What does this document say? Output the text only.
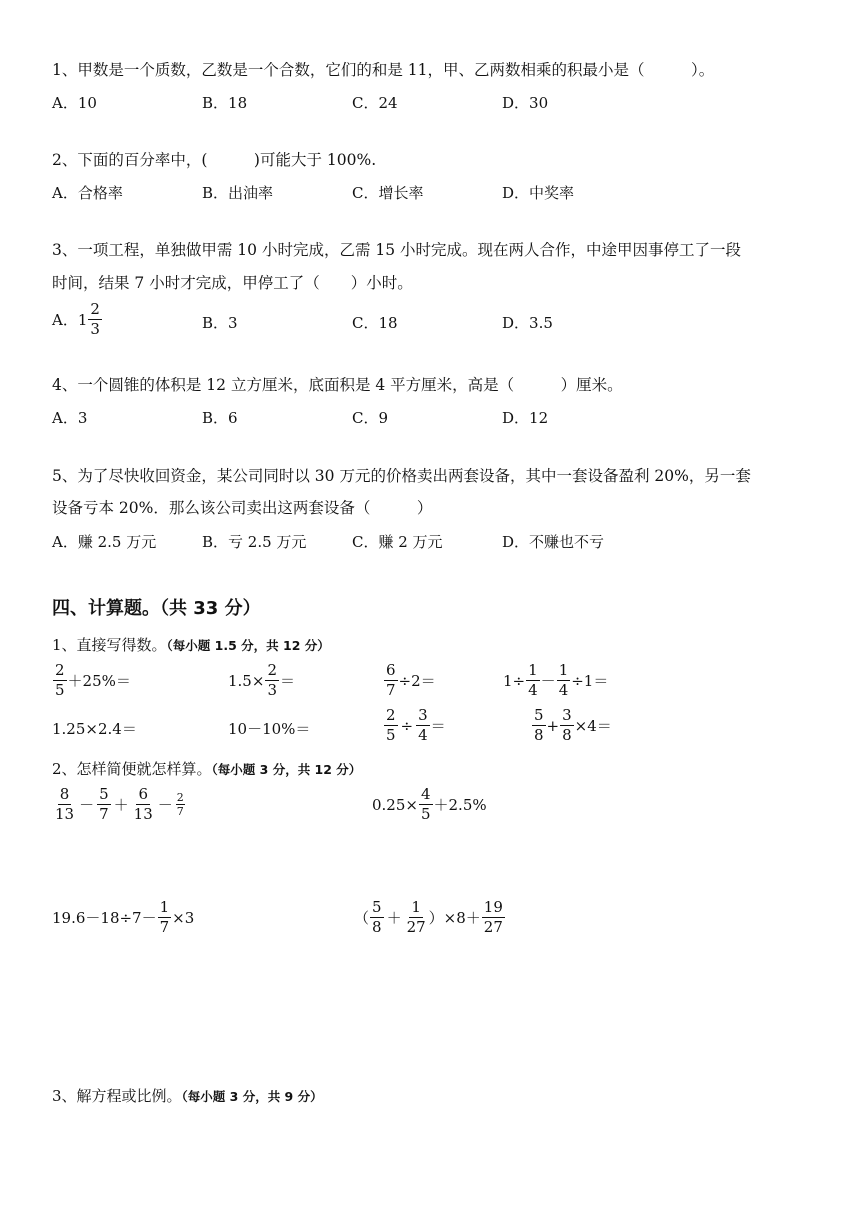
1、甲数是一个质数，乙数是一个合数，它们的和是 11，甲、乙两数相乘的积最小是（　　　）。
A．10	B．18	C．24	D．30
2、下面的百分率中，(　　　)可能大于 100%.
A．合格率	B．出油率	C．增长率	D．中奖率
3、一项工程，单独做甲需 10 小时完成，乙需 15 小时完成。现在两人合作，中途甲因事停工了一段
时间，结果 7 小时才完成，甲停工了（　　）小时。
A．$1 \frac{2}{3}$	B．3	C．18	D．3.5
4、一个圆锥的体积是 12 立方厘米，底面积是 4 平方厘米，高是（　　　）厘米。
A．3	B．6	C．9	D．12
5、为了尽快收回资金，某公司同时以 30 万元的价格卖出两套设备，其中一套设备盈利 20%，另一套
设备亏本 20%．那么该公司卖出这两套设备（　　　）
A．赚 2.5 万元	B．亏 2.5 万元	C．赚 2 万元	D．不赚也不亏
四、计算题。（共 33 分）
1、直接写得数。（每小题 1.5 分，共 12 分）
$\frac{2}{5} +25\%=$	$1.5\times \frac{2}{3}$ ＝	$\frac{6}{7} \div 2=$	$1\div \frac{1}{4} - \frac{1}{4} \div 1=$
1.25×2.4＝	10－10%＝	$\frac{2}{5} \div \frac{3}{4}$ ＝	$\frac{5}{8} + \frac{3}{8} \times 4=$
2、怎样简便就怎样算。（每小题 3 分，共 12 分）
$\frac{8}{13} - \frac{5}{7} + \frac{6}{13} - \frac{2}{7}$	$0.25\times \frac{4}{5} +2.5\%$
$19.6-18\div 7- \frac{1}{7} \times 3$	（ $\frac{5}{8} + \frac{1}{27} )\times 8+ \frac{19}{27}$
3、解方程或比例。（每小题 3 分，共 9 分）
